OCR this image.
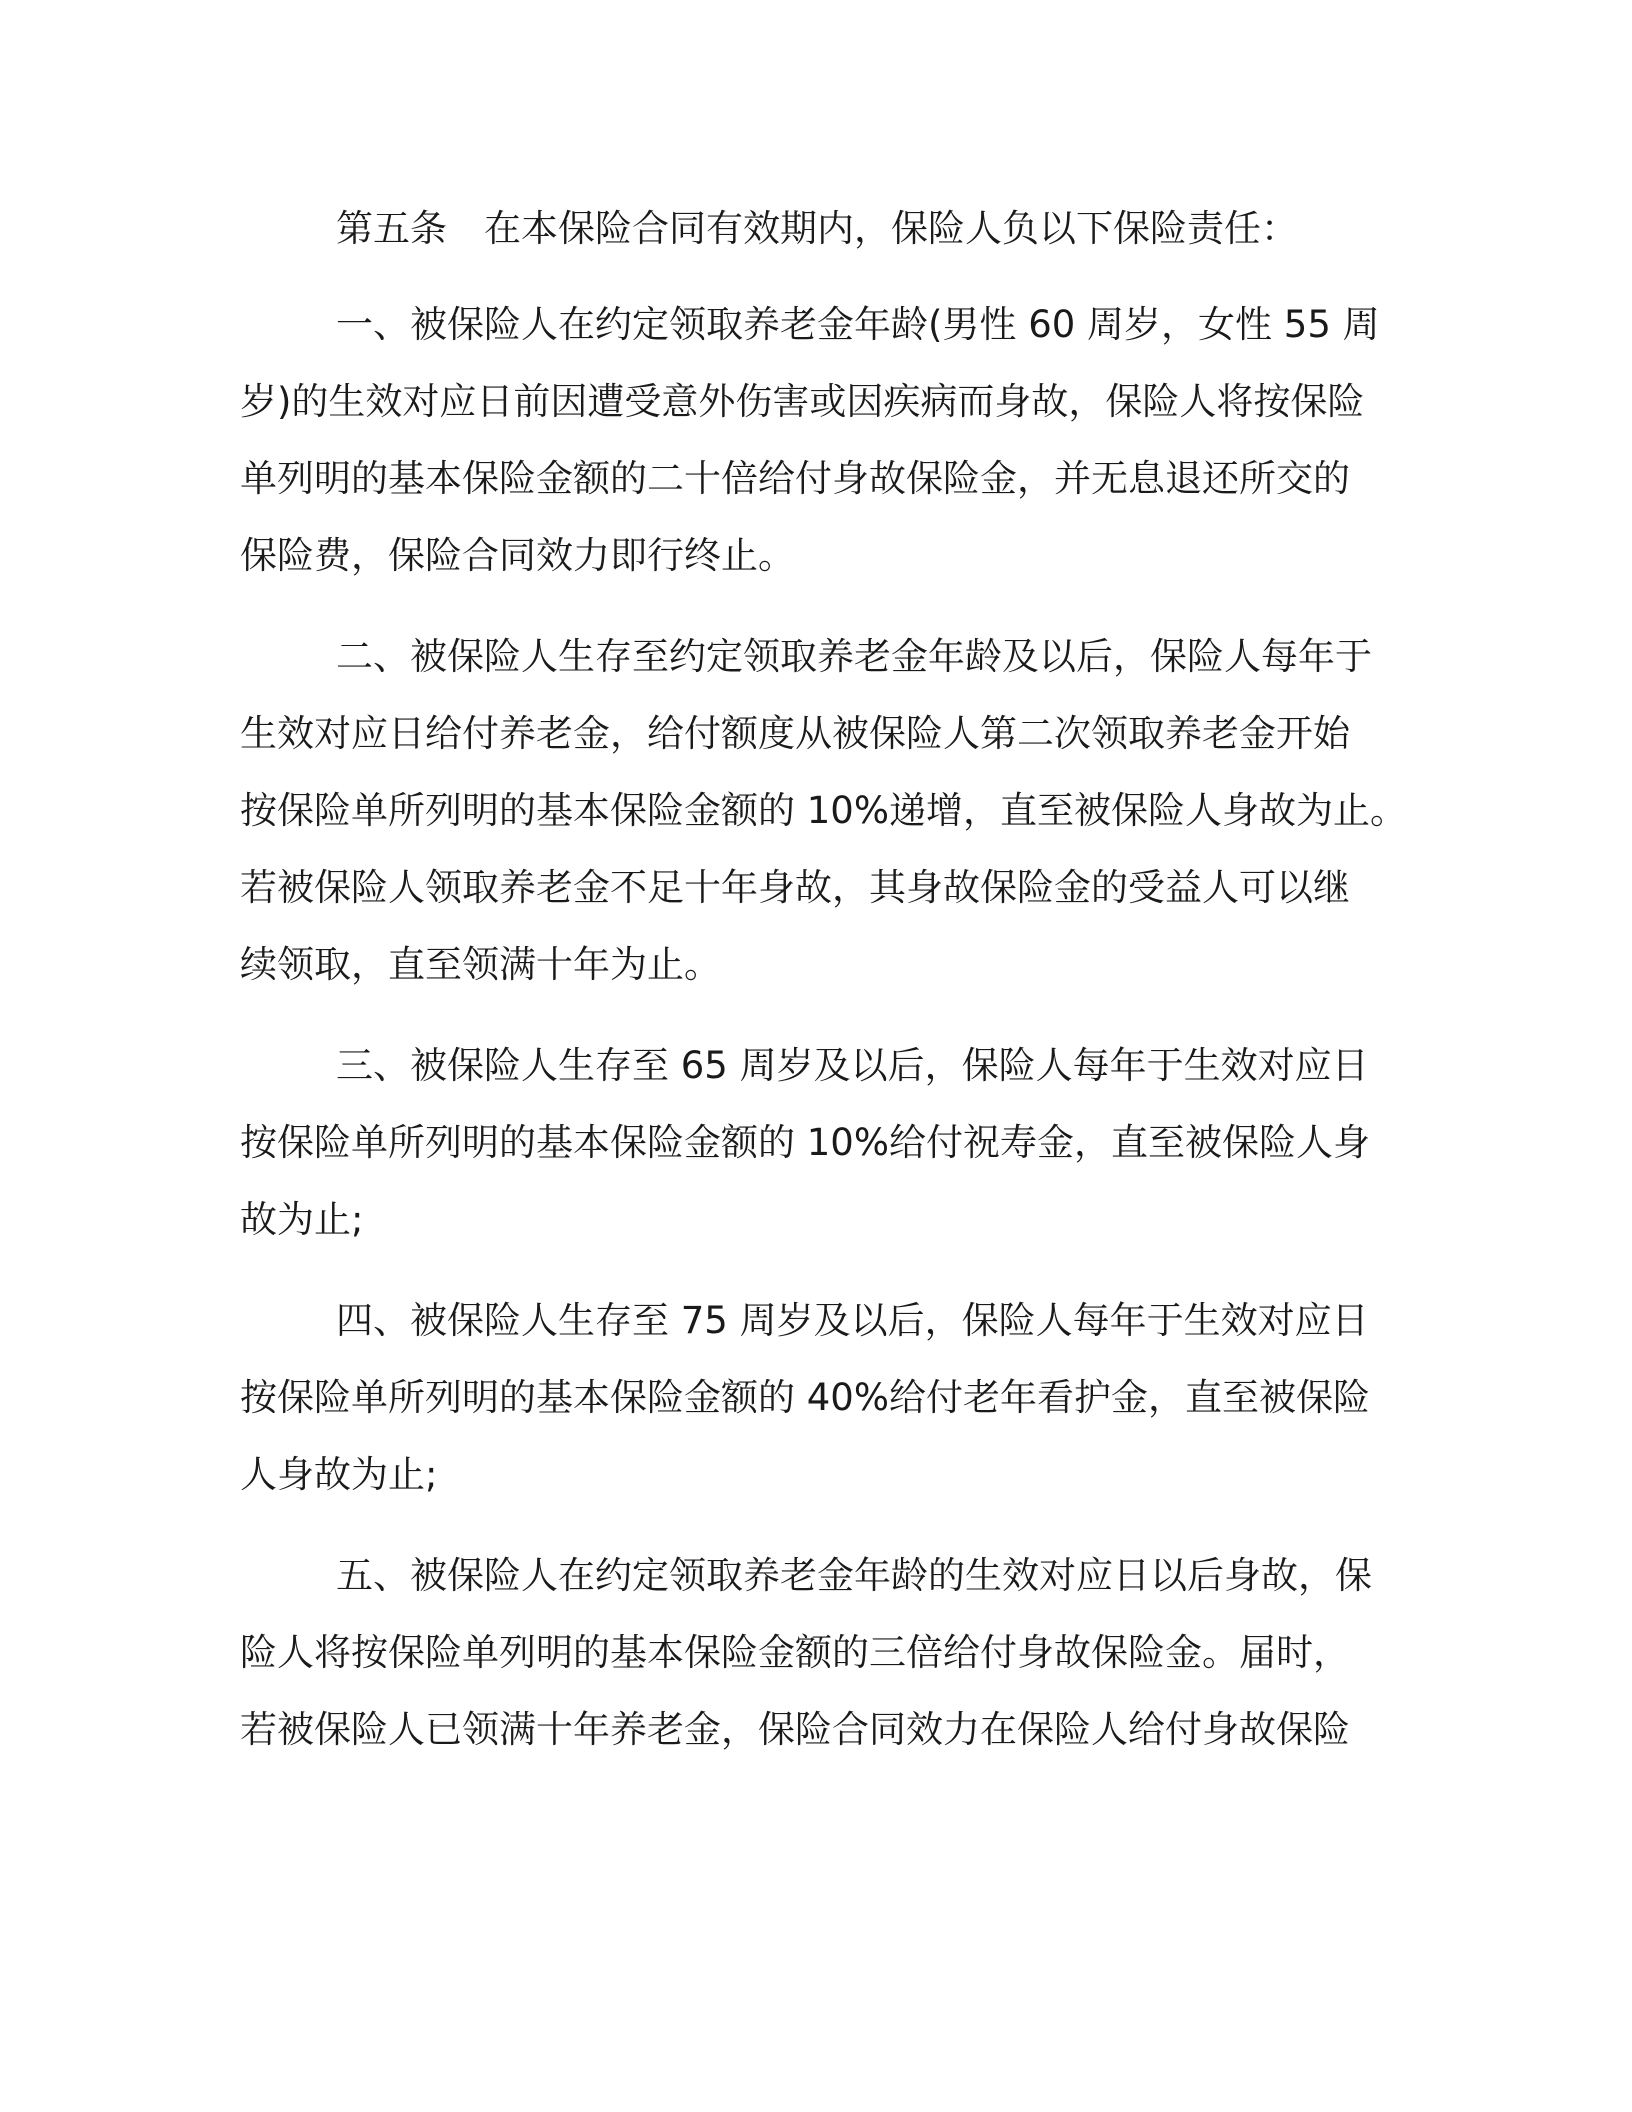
第五条　在本保险合同有效期内，保险人负以下保险责任：
一、被保险人在约定领取养老金年龄(男性 60 周岁，女性 55 周
岁)的生效对应日前因遭受意外伤害或因疾病而身故，保险人将按保险
单列明的基本保险金额的二十倍给付身故保险金，并无息退还所交的
保险费，保险合同效力即行终止。
二、被保险人生存至约定领取养老金年龄及以后，保险人每年于
生效对应日给付养老金，给付额度从被保险人第二次领取养老金开始
按保险单所列明的基本保险金额的 10%递增，直至被保险人身故为止。
若被保险人领取养老金不足十年身故，其身故保险金的受益人可以继
续领取，直至领满十年为止。
三、被保险人生存至 65 周岁及以后，保险人每年于生效对应日
按保险单所列明的基本保险金额的 10%给付祝寿金，直至被保险人身
故为止;
四、被保险人生存至 75 周岁及以后，保险人每年于生效对应日
按保险单所列明的基本保险金额的 40%给付老年看护金，直至被保险
人身故为止;
五、被保险人在约定领取养老金年龄的生效对应日以后身故，保
险人将按保险单列明的基本保险金额的三倍给付身故保险金。届时，
若被保险人已领满十年养老金，保险合同效力在保险人给付身故保险
